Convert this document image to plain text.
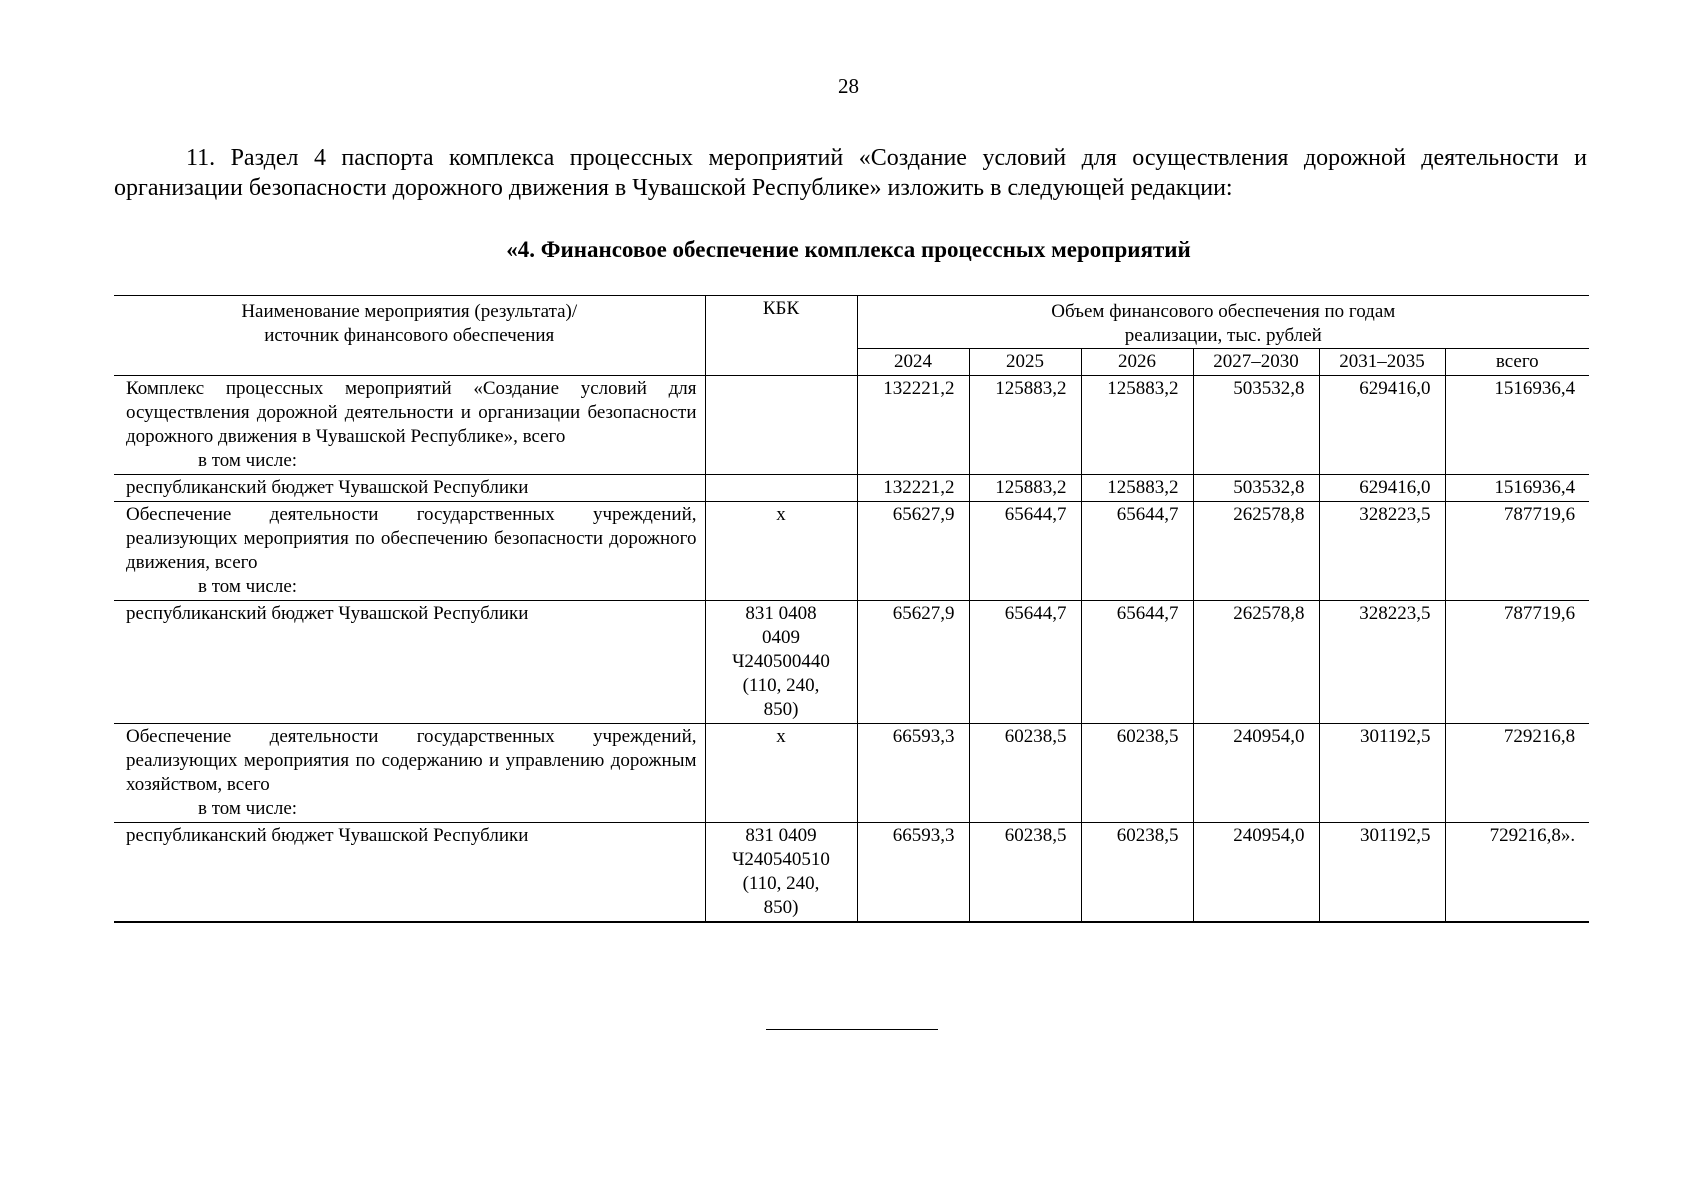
28

11. Раздел 4 паспорта комплекса процессных мероприятий «Создание условий для осуществления дорожной деятельности и организации безопасности дорожного движения в Чувашской Республике» изложить в следующей редакции:

«4. Финансовое обеспечение комплекса процессных мероприятий
Наименование мероприятия (результата)/ источник финансового обеспечения	КБК	Объем финансового обеспечения по годам реализации, тыс. рублей					
		2024	2025	2026	2027–2030	2031–2035	всего

Комплекс процессных мероприятий «Создание условий для осуществления дорожной деятельности и организации безопасности дорожного движения в Чувашской Республике», всего
в том числе:		132221,2	125883,2	125883,2	503532,8	629416,0	1516936,4

республиканский бюджет Чувашской Республики		132221,2	125883,2	125883,2	503532,8	629416,0	1516936,4

Обеспечение деятельности государственных учреждений, реализующих мероприятия по обеспечению безопасности дорожного движения, всего
в том числе:	х	65627,9	65644,7	65644,7	262578,8	328223,5	787719,6

республиканский бюджет Чувашской Республики	831 0408 0409 Ч240500440 (110, 240, 850)	65627,9	65644,7	65644,7	262578,8	328223,5	787719,6

Обеспечение деятельности государственных учреждений, реализующих мероприятия по содержанию и управлению дорожным хозяйством, всего
в том числе:	х	66593,3	60238,5	60238,5	240954,0	301192,5	729216,8

республиканский бюджет Чувашской Республики	831 0409 Ч240540510 (110, 240, 850)	66593,3	60238,5	60238,5	240954,0	301192,5	729216,8».
